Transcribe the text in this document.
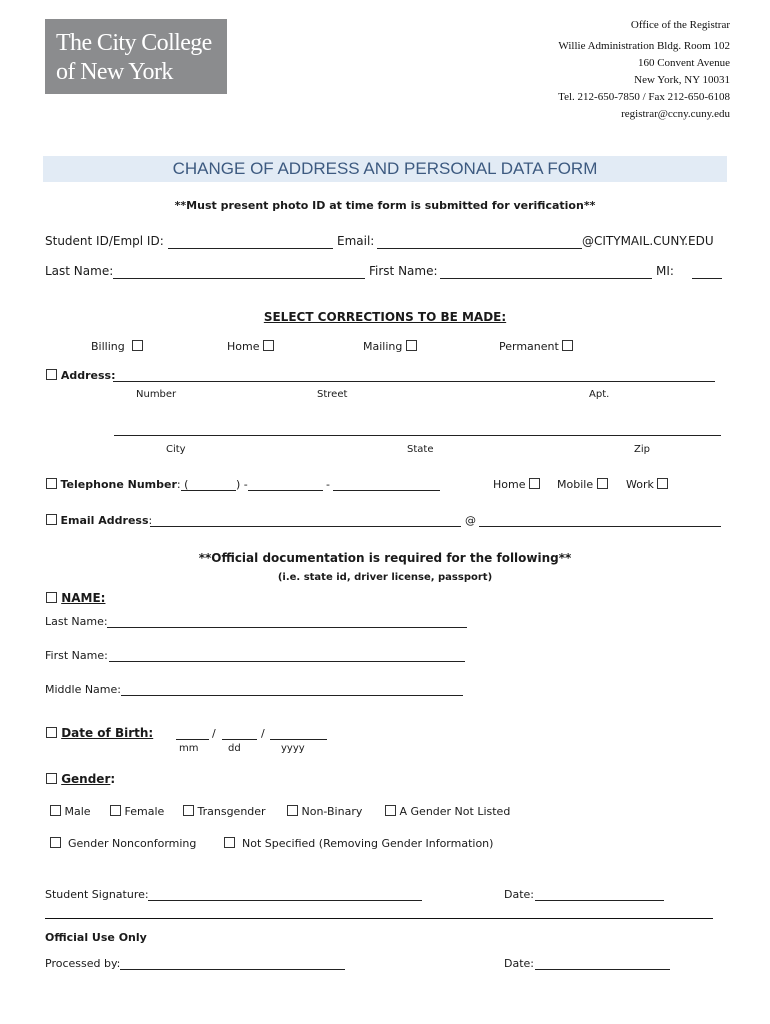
The City College
of New York
Office of the Registrar
Willie Administration Bldg. Room 102
160 Convent Avenue
New York, NY 10031
Tel. 212-650-7850 / Fax 212-650-6108
registrar@ccny.cuny.edu
CHANGE OF ADDRESS AND PERSONAL DATA FORM
**Must present photo ID at time form is submitted for verification**
Student ID/Empl ID:	Email:	@CITYMAIL.CUNY.EDU
Last Name:	First Name:	MI:
SELECT CORRECTIONS TO BE MADE:
Billing	Home	Mailing	Permanent
Address:
Number	Street	Apt.
City	State	Zip
Telephone Number: (	) -	-	Home	Mobile	Work
Email Address:	@
**Official documentation is required for the following**
(i.e. state id, driver license, passport)
NAME:
Last Name:
First Name:
Middle Name:
Date of Birth:	/	/
mm	dd	yyyy
Gender:
Male	Female	Transgender	Non-Binary	A Gender Not Listed
Gender Nonconforming	Not Specified (Removing Gender Information)
Student Signature:	Date:
Official Use Only
Processed by:	Date:
